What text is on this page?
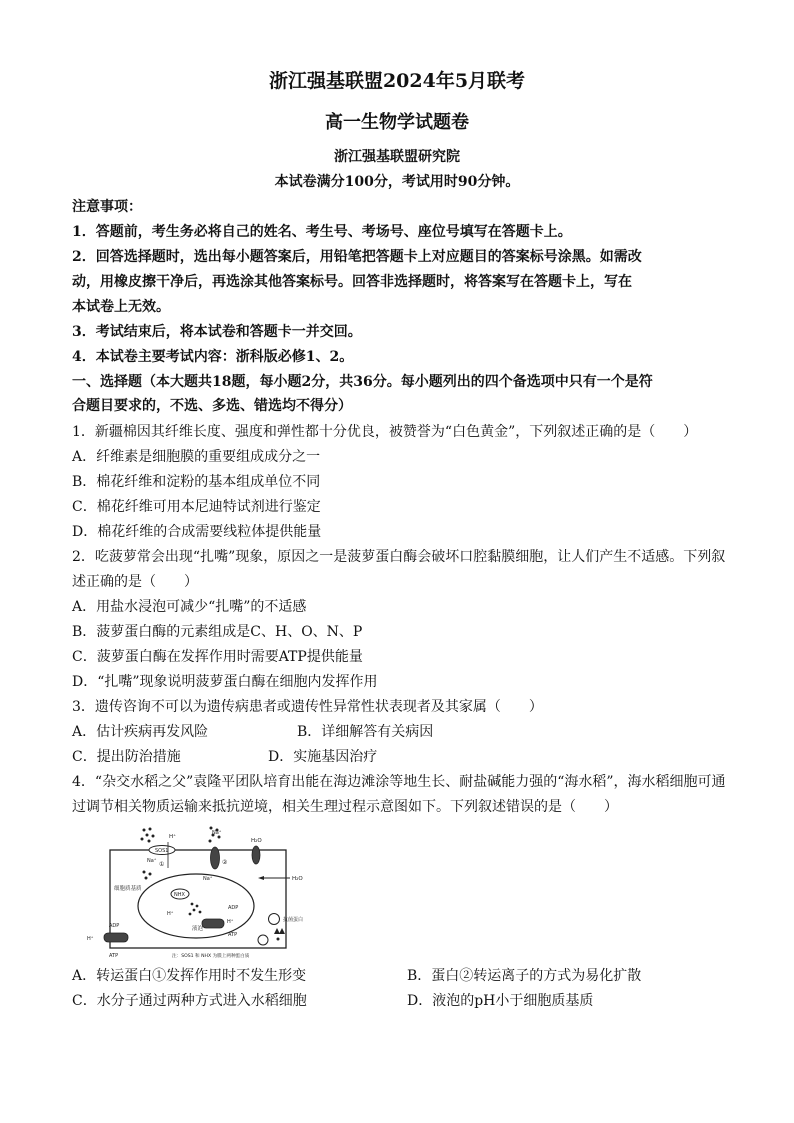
浙江强基联盟2024年5月联考
高一生物学试题卷
浙江强基联盟研究院
本试卷满分100分，考试用时90分钟。
注意事项：
1．答题前，考生务必将自己的姓名、考生号、考场号、座位号填写在答题卡上。
2．回答选择题时，选出每小题答案后，用铅笔把答题卡上对应题目的答案标号涂黑。如需改
动，用橡皮擦干净后，再选涂其他答案标号。回答非选择题时，将答案写在答题卡上，写在
本试卷上无效。
3．考试结束后，将本试卷和答题卡一并交回。
4．本试卷主要考试内容：浙科版必修1、2。
一、选择题（本大题共18题，每小题2分，共36分。每小题列出的四个备选项中只有一个是符
合题目要求的，不选、多选、错选均不得分）
1．新疆棉因其纤维长度、强度和弹性都十分优良，被赞誉为“白色黄金”，下列叙述正确的是（　　）
A．纤维素是细胞膜的重要组成成分之一
B．棉花纤维和淀粉的基本组成单位不同
C．棉花纤维可用本尼迪特试剂进行鉴定
D．棉花纤维的合成需要线粒体提供能量
2．吃菠萝常会出现“扎嘴”现象，原因之一是菠萝蛋白酶会破坏口腔黏膜细胞，让人们产生不适感。下列叙
述正确的是（　　）
A．用盐水浸泡可减少“扎嘴”的不适感
B．菠萝蛋白酶的元素组成是C、H、O、N、P
C．菠萝蛋白酶在发挥作用时需要ATP提供能量
D．“扎嘴”现象说明菠萝蛋白酶在细胞内发挥作用
3．遗传咨询不可以为遗传病患者或遗传性异常性状表现者及其家属（　　）
A．估计疾病再发风险	B．详细解答有关病因
C．提出防治措施	D．实施基因治疗
4．“杂交水稻之父”袁隆平团队培育出能在海边滩涂等地生长、耐盐碱能力强的“海水稻”，海水稻细胞可通
过调节相关物质运输来抵抗逆境，相关生理过程示意图如下。下列叙述错误的是（　　）
SOS1
H⁺
Na⁺ ①
Na⁺
②
Na⁺
H₂O
H₂O
细胞质基质
NHX
H⁺
液泡
ADP
ATP
H⁺
ADP
ATP
H⁺
抗菌蛋白
注：SOS1 和 NHX 为膜上两种蛋白质
A．转运蛋白①发挥作用时不发生形变	B．蛋白②转运离子的方式为易化扩散
C．水分子通过两种方式进入水稻细胞	D．液泡的pH小于细胞质基质
